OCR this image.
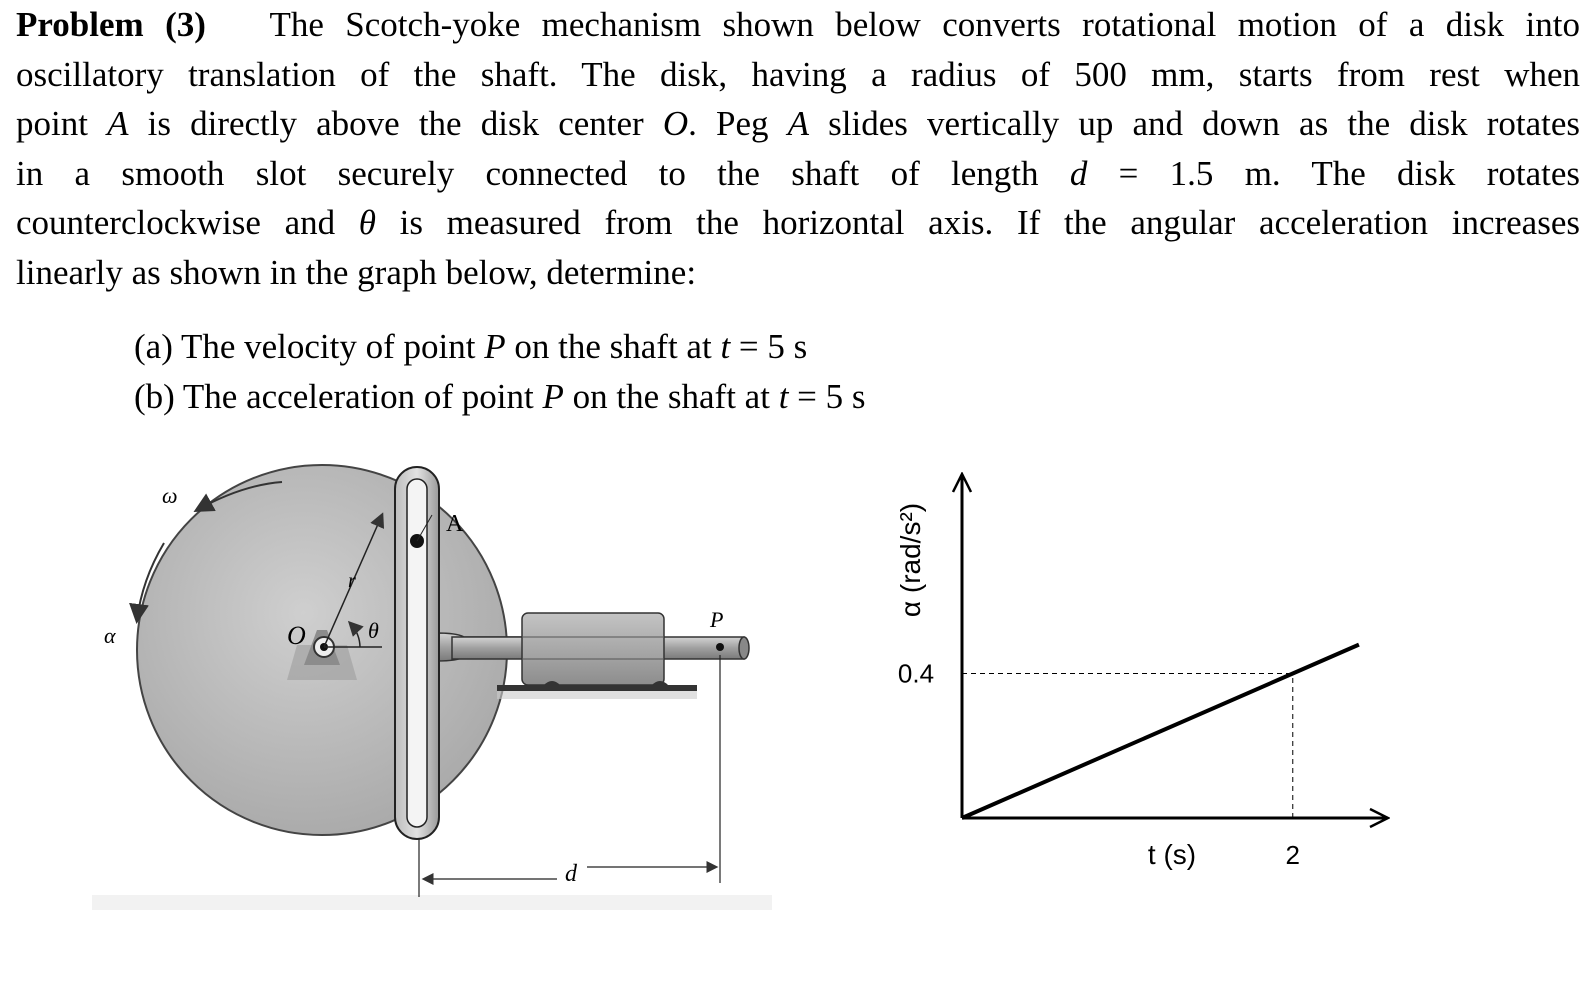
Problem (3) The Scotch-yoke mechanism shown below converts rotational motion of a disk into
oscillatory translation of the shaft. The disk, having a radius of 500 mm, starts from rest when
point A is directly above the disk center O. Peg A slides vertically up and down as the disk rotates
in a smooth slot securely connected to the shaft of length d = 1.5 m. The disk rotates
counterclockwise and θ is measured from the horizontal axis. If the angular acceleration increases
linearly as shown in the graph below, determine:
(a) The velocity of point P on the shaft at t = 5 s
(b) The acceleration of point P on the shaft at t = 5 s
ω
α
r
θ
O
A
P
d
0.4
2
t (s)
α (rad/s²)
